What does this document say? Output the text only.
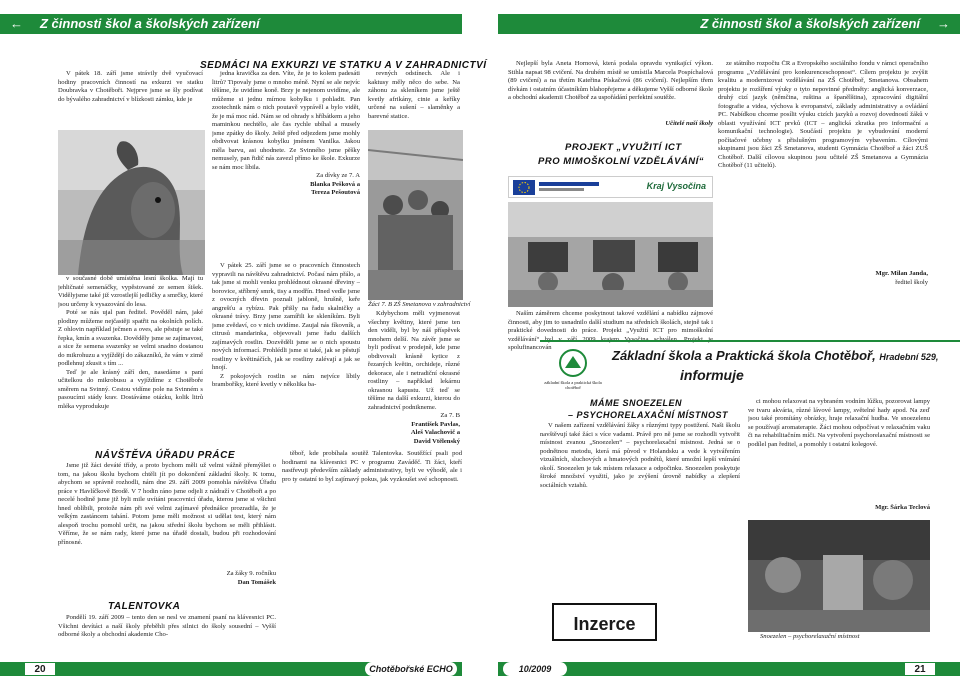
← Z činnosti škol a školských zařízení	Z činnosti škol a školských zařízení →
SEDMÁCI NA EXKURZI VE STATKU A V ZAHRADNICTVÍ

V pátek 18. září jsme strávily dvě vyučovací hodiny pracovních činností na exkurzi ve statku Doubravka v Chotěboři. Nejprve jsme se šly podívat do bývalého zahradnictví v blízkosti zámku, kde je

v současné době umístěna lesní školka. Mají tu jehličnaté semenáčky, vypěstované ze semen šišek. Vidělyjsme také již vzrostlejší jedličky a smrčky, které jsou určeny k vysazování do lesa.

Poté se nás ujal pan ředitel. Pověděl nám, jaké plodiny můžeme nejčastěji spatřit na okolních polích. Z ohlovin například ječmen a oves, ale pěstuje se také řepka, kmín a svazenka. Dověděly jsme se zajímavost, a sice že semena svazenky se velmi snadno dostanou do mikrohuzu a vyjíždějí do zákazníků, že vám v zimě podlehnuj zkusit s tím ...

Teď je ale krásný září den, nasedáme s paní učitelkou do mikrobusu a vyjíždíme z Chotěboře směrem na Svinný. Cestou vidíme pole na Svinném s pasoucími stády krav. Dostáváme otázku, kolik litrů mléka vyprodukuje

jedna kravička za den. Víte, že je to kolem padesáti litrů? Tipovaly jsme o mnoho méně. Nyní se ale nejvíc těšíme, že uvidíme koně. Brzy je nejenom uvidíme, ale můžeme si jednu mírnou kobylku i pohladit. Pan zootechnik nám o nich poutavě vyprávěl a bylo vidět, že je má moc rád. Nám se od ohrady s hříbátkem a jeho maminkou nechtělo, ale čas rychle ubíhal a musely jsme zpátky do školy. Ještě před odjezdem jsme mohly obdivovat krásnou kobylku jménem Vanilka. Jakou měla barvu, asi uhodnete. Ze Svinného jsme pěšky nemusely, pan řidič nás zavezl přímo ke škole. Exkurze se nám moc líbila.

Za dívky ze 7. A

Blanka Pešková a

Tereza Pešoutová

V pátek 25. září jsme se o pracovních činnostech vypravili na návštěvu zahradnictví. Počasí nám přálo, a tak jsme si mohli venku prohlédnout okrasné dřeviny – borovice, stříbrný smrk, tisy a modřín. Hned vedle jsme z ovocných dřevin poznali jabloně, hrušně, keře angrešťu a rybízu. Pak přišly na řadu skalničky a okrasné trávy. Brzy jsme zamířili ke skleníkům. Byli jsme zvědaví, co v nich uvidíme. Zaujal nás fíkovník, a citrusů mandarinka, objevovali jsme řadu dalších zajímavých rostlin. Dozvěděli jsme se o nich spoustu nových informací. Prohlédli jsme si také, jak se pěstují rostliny v květináčích, jak se rostliny zalévají a jak se hnojí.

Z pokojových rostlin se nám nejvíce líbily bramboříky, které kvetly v několika ba-

revných odstínech. Ale i kaktusy měly něco do sebe. Na záhonu za skleníkem jsme ještě kvetly afrikány, cinie a keříky určené na sušení – slaměnky a barevné statice.

Žáci 7. B ZŠ Smetanova v zahradnictví

Kdybychom měli vyjmenovat všechny květiny, které jsme ten den viděli, byl by náš příspěvek mnohem delší. Na závěr jsme se byli podívat v prodejně, kde jsme obdivovali krásně kytice z řezaných květin, orchideje, různé dekorace, ale i netradiční okrasné rostliny – například lekárnu okrasnou kapustu. Už teď se těšíme na další exkurzi, kterou do zahradnictví podnikneme.

Za 7. B

František Pavlas,

Aleš Valachovič a

David Vtělenský

NÁVŠTĚVA ÚŘADU PRÁCE

Jsme již žáci deváté třídy, a proto bychom měli už velmi vážně přemýšlet o tom, na jakou školu bychom chtěli jít po dokončení základní školy. K tomu, abychom se správně rozhodli, nám dne 29. září 2009 pomohla návštěva Úřadu práce v Havlíčkově Brodě. V 7 hodin ráno jsme odjeli z nádraží v Chotěboři a po necelé hodině jsme již byli mile uvítáni pracovnicí úřadu, kterou jsme si všichni hned oblíbili, protože nám při své velmi zajímavé přednášce prozradila, že je velkým zastáncem tahání. Potom jsme měli možnost si udělat test, který nám alespoň trochu pomohl určit, na jakou střední školu bychom se měli přihlásit. Věříme, že se nám rady, které jsme na úřadě dostali, budou při rozhodování přínosné.

těboř, kde probíhala soutěž Talentovka. Soutěžící psali pod hodinami na klávesnici PC v programu Zaváděč. Ti žáci, kteří nastřevuji především základy administrativy, byli ve výhodě, ale i pro ty ostatní to byl zajímavý pokus, jak vyzkoušet své schopnosti.

Za žáky 9. ročníku

Dan Tomášek

TALENTOVKA

Pondělí 19. září 2009 – tento den se nesl ve znamení psaní na klávesnici PC. Všichni devítáci a naší školy přeběhli přes silnici do školy sousední – Vyšší odborné školy a obchodní akademie Cho-

Nejlepší byla Aneta Hornová, která podala opravdu vynikající výkon. Stihla napsat 98 cvičení. Na druhém místě se umístila Marcela Pospíchalová (89 cvičení) a na třetím Kateřina Pískačová (86 cvičení). Nejlepším třem dívkám i ostatním účastníkům blahopřejeme a děkujeme Vyšší odborné škole a obchodní akademii Chotěboř za uspořádání perfektní soutěže.

Učitelé naší školy

PROJEKT „VYUŽITÍ ICT
PRO MIMOŠKOLNÍ VZDĚLÁVÁNÍ“
Kraj Vysočina

Naším záměrem chceme poskytnout takové vzdělání a nabídku zájmové činnosti, aby jim to usnadnilo další studium na středních školách, stejně tak i praktické dovednosti do práce. Projekt „Využití ICT pro mimoškolní vzdělávání“ byl v září 2009 krajem Vysočina schválen. Projekt je spolufinancován

ze státního rozpočtu ČR a Evropského sociálního fondu v rámci operačního programu „Vzdělávání pro konkurenceschopnost“. Cílem projektu je zvýšit kvalitu a modernizovat vzdělávání na ZŠ Chotěboř, Smetanova. Obsahem projektu je rozšíření výuky o tyto nepovinné předměty: anglická konverzace, druhý cizí jazyk (němčina, ruština a španělština), zpracování digitální fotografie a videa, výchova k evropanství, základy administrativy a ovládání PC. Nabídkou chceme posílit výuku cizích jazyků a rozvoj dovedností žáků v oblasti využívání ICT prvků (ICT – anglická zkratka pro informační a komunikační technologie). Součástí projektu je vybudování moderní počítačové učebny s přislušným programovým vybavením. Cílovými skupinami jsou žáci ZŠ Smetanova, studenti Gymnázia Chotěboř a žáci ZUŠ Chotěboř. Další cílovou skupinou jsou učitelé ZŠ Smetanova a Gymnázia Chotěboř (11 učitelů).

Mgr. Milan Janda,

ředitel školy

základní škola a praktická škola chotěboř
Základní škola a Praktická škola Chotěboř, Hradební 529,
informuje
MÁME SNOEZELEN
– PSYCHORELAXAČNÍ MÍSTNOST

V našem zařízení vzdělávání žáky s různými typy postižení. Naši školu navštěvují také žáci s více vadami. Právě pro ně jsme se rozhodli vytvořit místnost zvanou „Snoezelen“ – psychorelaxační místnost. Jedná se o podnětnou metodu, která má původ v Holandsku a vede k vytvářením vizuálních, sluchových a hmatových podnětů, které umožní lepší vnímání okolí. Snoezelen je tak místem relaxace a odpočinku. Snoezelen poskytuje široké množství využití, jako je zvýšení úrovně nabídky a zlepšení sociálních vztahů.

ci mohou relaxovat na vybraném vodním lůžku, pozorovat lampy ve tvaru akvária, různé lávové lampy, světelné hady apod. Na zeď jsou také promítány obrázky, hraje relaxační hudba. Ve snoezelenu se používají aromaterapie. Žáci mohou odpočívat v relaxačním vaku či na rehabilitačním míči. Na vytvoření psychorelaxační místnosti se podílel pan ředitel, a pomohly i ostatní kolegové.

Mgr. Šárka Teclová

Inzerce
Snoezelen – psychorelaxační místnost
20	21
Chotěbořské ECHO	10/2009
